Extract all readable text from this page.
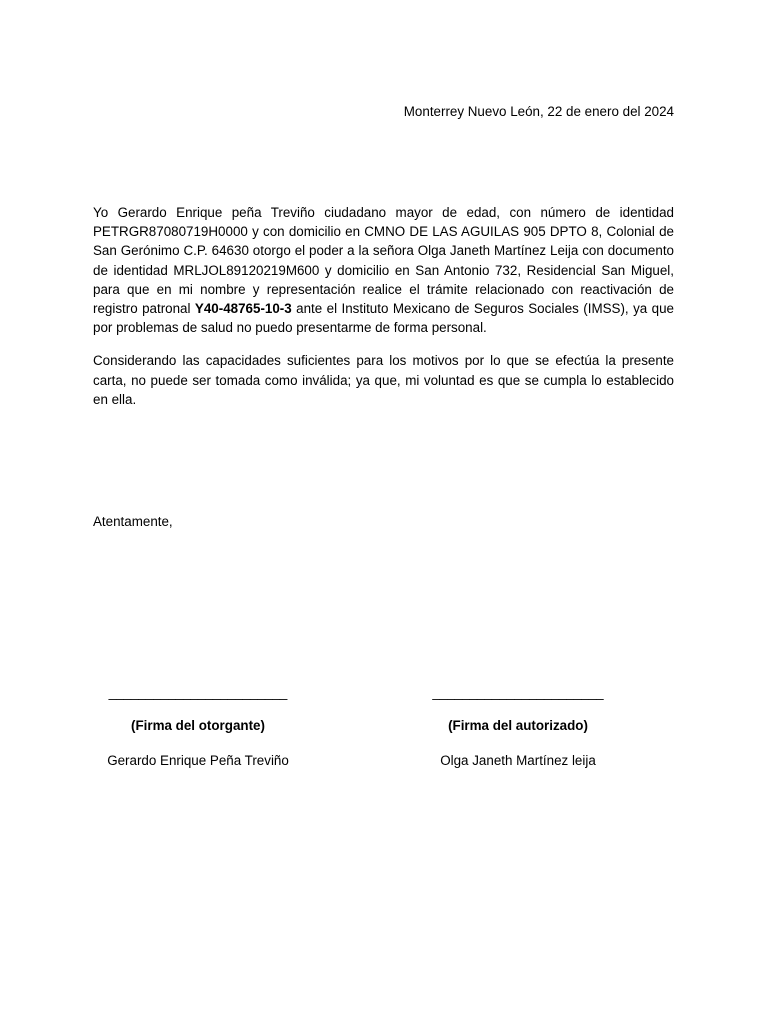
Monterrey Nuevo León, 22 de enero del 2024

Yo Gerardo Enrique peña Treviño ciudadano mayor de edad, con número de identidad PETRGR87080719H0000 y con domicilio en CMNO DE LAS AGUILAS 905 DPTO 8, Colonial de San Gerónimo C.P. 64630 otorgo el poder a la señora Olga Janeth Martínez Leija con documento de identidad MRLJOL89120219M600 y domicilio en San Antonio 732, Residencial San Miguel, para que en mi nombre y representación realice el trámite relacionado con reactivación de registro patronal Y40-48765-10-3 ante el Instituto Mexicano de Seguros Sociales (IMSS), ya que por problemas de salud no puedo presentarme de forma personal.

Considerando las capacidades suficientes para los motivos por lo que se efectúa la presente carta, no puede ser tomada como inválida; ya que, mi voluntad es que se cumpla lo establecido en ella.

Atentamente,
________________________
(Firma del otorgante)
Gerardo Enrique Peña Treviño
_______________________
(Firma del autorizado)
Olga Janeth Martínez leija
